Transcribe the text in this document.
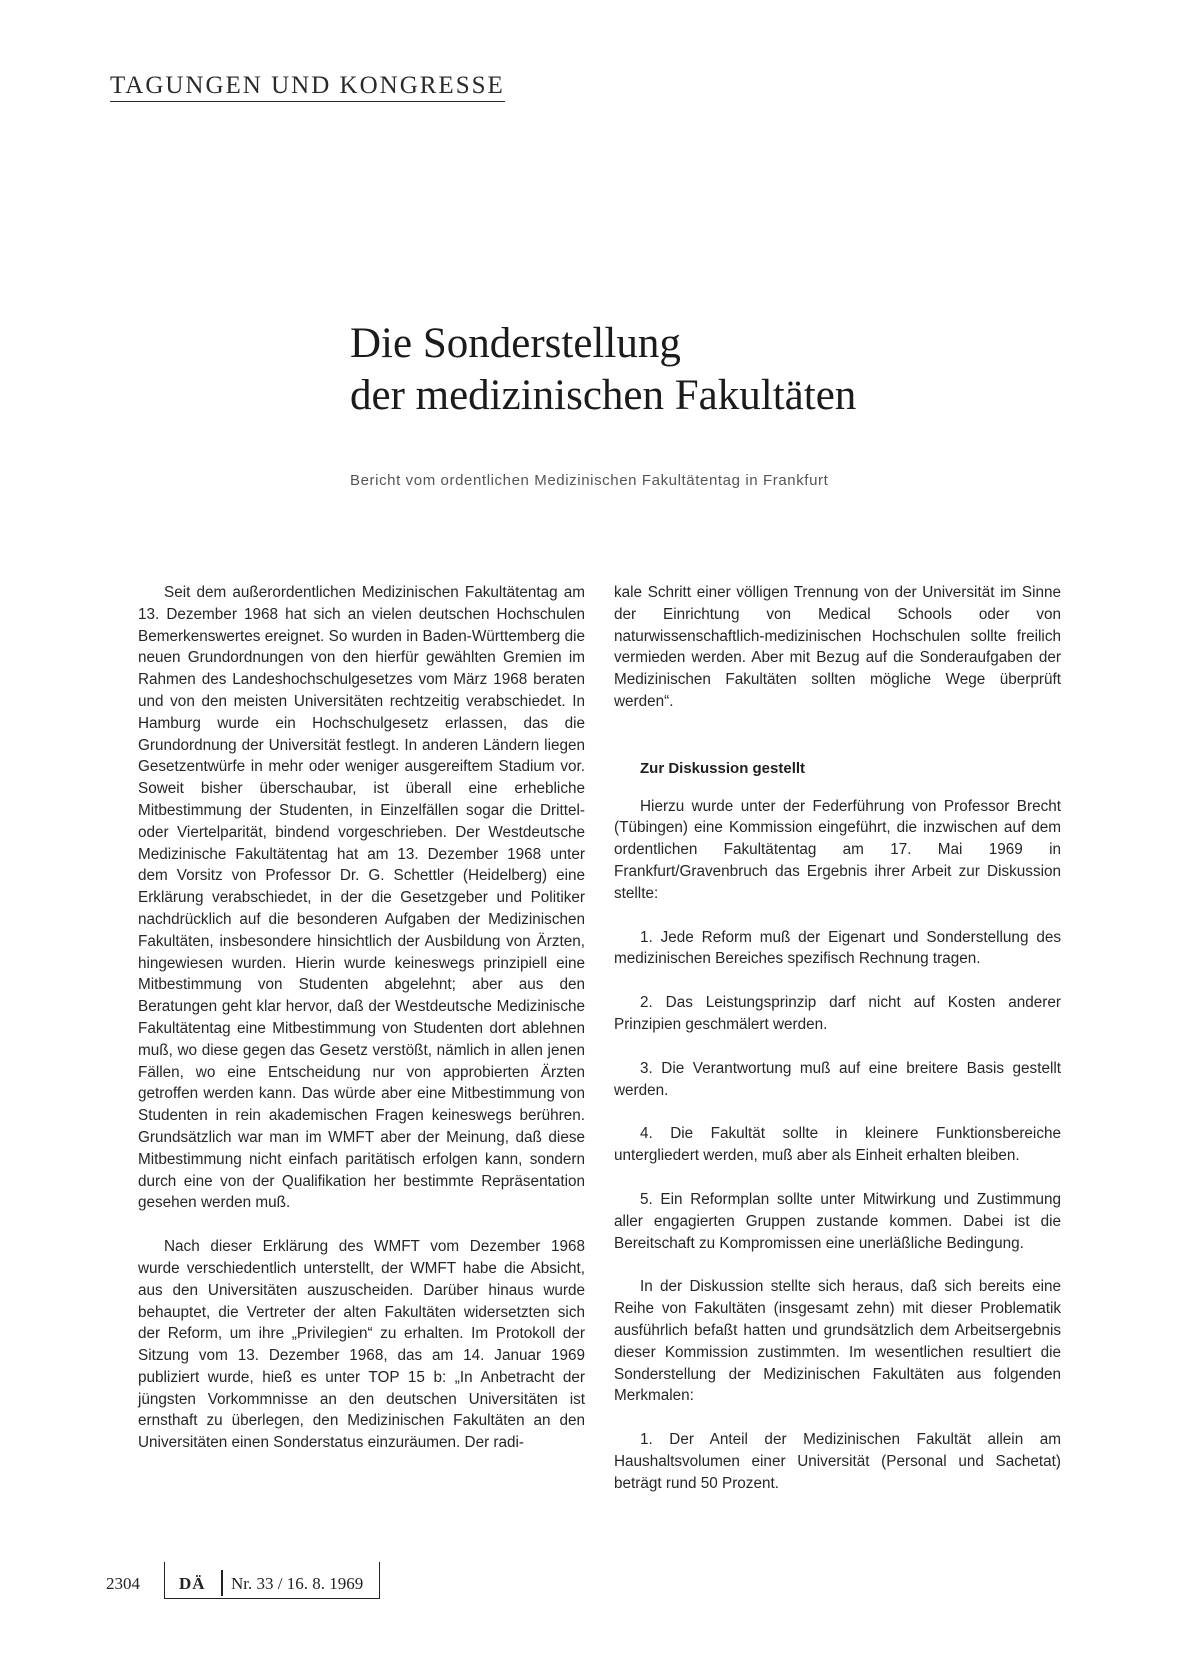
TAGUNGEN UND KONGRESSE
Die Sonderstellung
der medizinischen Fakultäten
Bericht vom ordentlichen Medizinischen Fakultätentag in Frankfurt

Seit dem außerordentlichen Medizinischen Fakultätentag am 13. Dezember 1968 hat sich an vielen deutschen Hochschulen Bemerkenswertes ereignet. So wurden in Baden-Württemberg die neuen Grundordnungen von den hierfür gewählten Gremien im Rahmen des Landeshochschulgesetzes vom März 1968 beraten und von den meisten Universitäten rechtzeitig verabschiedet. In Hamburg wurde ein Hochschulgesetz erlassen, das die Grundordnung der Universität festlegt. In anderen Ländern liegen Gesetzentwürfe in mehr oder weniger ausgereiftem Stadium vor. Soweit bisher überschaubar, ist überall eine erhebliche Mitbestimmung der Studenten, in Einzelfällen sogar die Drittel- oder Viertelparität, bindend vorgeschrieben. Der Westdeutsche Medizinische Fakultätentag hat am 13. Dezember 1968 unter dem Vorsitz von Professor Dr. G. Schettler (Heidelberg) eine Erklärung verabschiedet, in der die Gesetzgeber und Politiker nachdrücklich auf die besonderen Aufgaben der Medizinischen Fakultäten, insbesondere hinsichtlich der Ausbildung von Ärzten, hingewiesen wurden. Hierin wurde keineswegs prinzipiell eine Mitbestimmung von Studenten abgelehnt; aber aus den Beratungen geht klar hervor, daß der Westdeutsche Medizinische Fakultätentag eine Mitbestimmung von Studenten dort ablehnen muß, wo diese gegen das Gesetz verstößt, nämlich in allen jenen Fällen, wo eine Entscheidung nur von approbierten Ärzten getroffen werden kann. Das würde aber eine Mitbestimmung von Studenten in rein akademischen Fragen keineswegs berühren. Grundsätzlich war man im WMFT aber der Meinung, daß diese Mitbestimmung nicht einfach paritätisch erfolgen kann, sondern durch eine von der Qualifikation her bestimmte Repräsentation gesehen werden muß.

Nach dieser Erklärung des WMFT vom Dezember 1968 wurde verschiedentlich unterstellt, der WMFT habe die Absicht, aus den Universitäten auszuscheiden. Darüber hinaus wurde behauptet, die Vertreter der alten Fakultäten widersetzten sich der Reform, um ihre „Privilegien“ zu erhalten. Im Protokoll der Sitzung vom 13. Dezember 1968, das am 14. Januar 1969 publiziert wurde, hieß es unter TOP 15 b: „In Anbetracht der jüngsten Vorkommnisse an den deutschen Universitäten ist ernsthaft zu überlegen, den Medizinischen Fakultäten an den Universitäten einen Sonderstatus einzuräumen. Der radi-

kale Schritt einer völligen Trennung von der Universität im Sinne der Einrichtung von Medical Schools oder von naturwissenschaftlich-medizinischen Hochschulen sollte freilich vermieden werden. Aber mit Bezug auf die Sonderaufgaben der Medizinischen Fakultäten sollten mögliche Wege überprüft werden“.

Zur Diskussion gestellt

Hierzu wurde unter der Federführung von Professor Brecht (Tübingen) eine Kommission eingeführt, die inzwischen auf dem ordentlichen Fakultätentag am 17. Mai 1969 in Frankfurt/Gravenbruch das Ergebnis ihrer Arbeit zur Diskussion stellte:

1. Jede Reform muß der Eigenart und Sonderstellung des medizinischen Bereiches spezifisch Rechnung tragen.

2. Das Leistungsprinzip darf nicht auf Kosten anderer Prinzipien geschmälert werden.

3. Die Verantwortung muß auf eine breitere Basis gestellt werden.

4. Die Fakultät sollte in kleinere Funktionsbereiche untergliedert werden, muß aber als Einheit erhalten bleiben.

5. Ein Reformplan sollte unter Mitwirkung und Zustimmung aller engagierten Gruppen zustande kommen. Dabei ist die Bereitschaft zu Kompromissen eine unerläßliche Bedingung.

In der Diskussion stellte sich heraus, daß sich bereits eine Reihe von Fakultäten (insgesamt zehn) mit dieser Problematik ausführlich befaßt hatten und grundsätzlich dem Arbeitsergebnis dieser Kommission zustimmten. Im wesentlichen resultiert die Sonderstellung der Medizinischen Fakultäten aus folgenden Merkmalen:

1. Der Anteil der Medizinischen Fakultät allein am Haushaltsvolumen einer Universität (Personal und Sachetat) beträgt rund 50 Prozent.

2304 DÄ Nr. 33 / 16. 8. 1969
